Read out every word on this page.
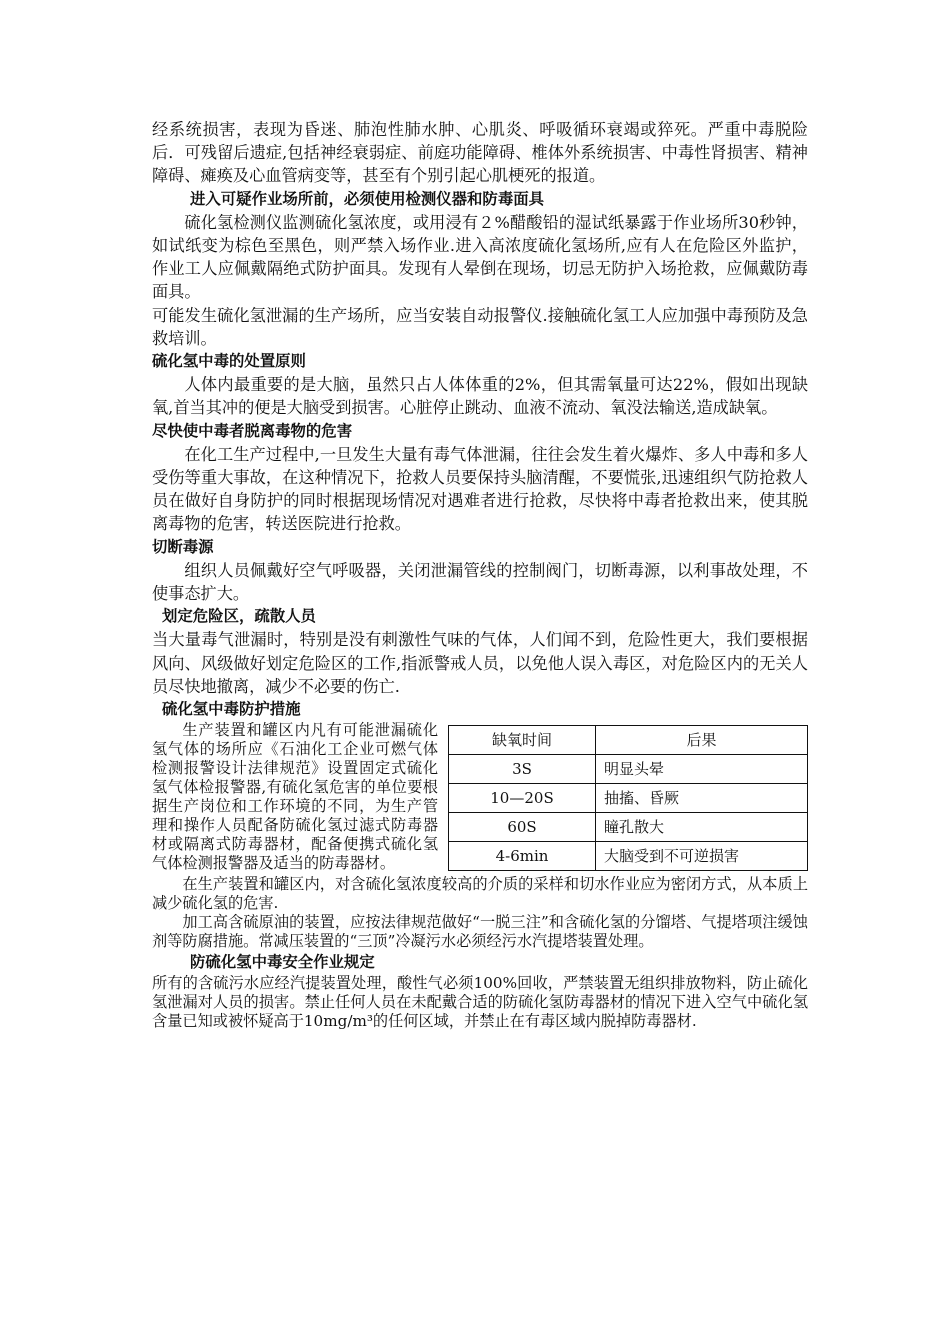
经系统损害，表现为昏迷、肺泡性肺水肿、心肌炎、呼吸循环衰竭或猝死。严重中毒脱险后．可残留后遗症,包括神经衰弱症、前庭功能障碍、椎体外系统损害、中毒性肾损害、精神障碍、瘫痪及心血管病变等，甚至有个别引起心肌梗死的报道。

进入可疑作业场所前，必须使用检测仪器和防毒面具

硫化氢检测仪监测硫化氢浓度，或用浸有２%醋酸铅的湿试纸暴露于作业场所30秒钟，如试纸变为棕色至黑色，则严禁入场作业.进入高浓度硫化氢场所,应有人在危险区外监护，作业工人应佩戴隔绝式防护面具。发现有人晕倒在现场，切忌无防护入场抢救，应佩戴防毒面具。

可能发生硫化氢泄漏的生产场所，应当安装自动报警仪.接触硫化氢工人应加强中毒预防及急救培训。

硫化氢中毒的处置原则

人体内最重要的是大脑，虽然只占人体体重的2%，但其需氧量可达22%，假如出现缺氧,首当其冲的便是大脑受到损害。心脏停止跳动、血液不流动、氧没法输送,造成缺氧。

尽快使中毒者脱离毒物的危害

在化工生产过程中,一旦发生大量有毒气体泄漏，往往会发生着火爆炸、多人中毒和多人受伤等重大事故，在这种情况下，抢救人员要保持头脑清醒，不要慌张,迅速组织气防抢救人员在做好自身防护的同时根据现场情况对遇难者进行抢救，尽快将中毒者抢救出来，使其脱离毒物的危害，转送医院进行抢救。

切断毒源

组织人员佩戴好空气呼吸器，关闭泄漏管线的控制阀门，切断毒源，以利事故处理，不使事态扩大。

划定危险区，疏散人员

当大量毒气泄漏时，特别是没有刺激性气味的气体，人们闻不到，危险性更大，我们要根据风向、风级做好划定危险区的工作,指派警戒人员，以免他人误入毒区，对危险区内的无关人员尽快地撤离，减少不必要的伤亡.

硫化氢中毒防护措施

缺氧时间	后果
3S	明显头晕
10—20S	抽搐、昏厥
60S	瞳孔散大
4-6min	大脑受到不可逆损害

生产装置和罐区内凡有可能泄漏硫化氢气体的场所应《石油化工企业可燃气体检测报警设计法律规范》设置固定式硫化氢气体检报警器,有硫化氢危害的单位要根据生产岗位和工作环境的不同，为生产管理和操作人员配备防硫化氢过滤式防毒器材或隔离式防毒器材，配备便携式硫化氢气体检测报警器及适当的防毒器材。

在生产装置和罐区内，对含硫化氢浓度较高的介质的采样和切水作业应为密闭方式，从本质上减少硫化氢的危害.

加工高含硫原油的装置，应按法律规范做好“一脱三注”和含硫化氢的分馏塔、气提塔项注缓蚀剂等防腐措施。常减压装置的“三顶”冷凝污水必须经污水汽提塔装置处理。

防硫化氢中毒安全作业规定

所有的含硫污水应经汽提装置处理，酸性气必须100%回收，严禁装置无组织排放物料，防止硫化氢泄漏对人员的损害。禁止任何人员在未配戴合适的防硫化氢防毒器材的情况下进入空气中硫化氢含量已知或被怀疑高于10mg/m³的任何区域，并禁止在有毒区域内脱掉防毒器材.
